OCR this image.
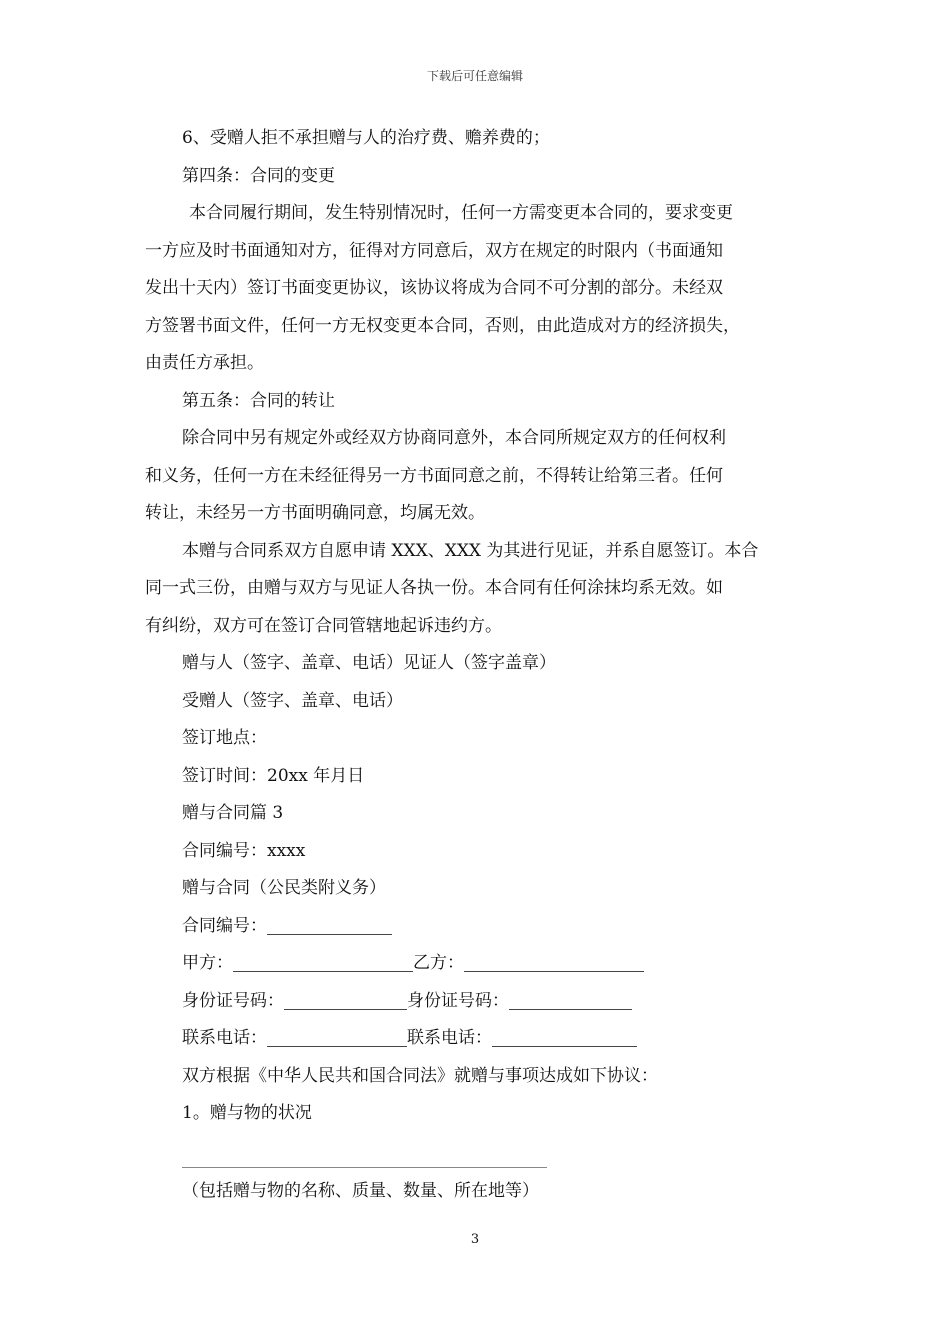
下载后可任意编辑
6、受赠人拒不承担赠与人的治疗费、赡养费的；
第四条：合同的变更
本合同履行期间，发生特别情况时，任何一方需变更本合同的，要求变更
一方应及时书面通知对方，征得对方同意后，双方在规定的时限内（书面通知
发出十天内）签订书面变更协议，该协议将成为合同不可分割的部分。未经双
方签署书面文件，任何一方无权变更本合同，否则，由此造成对方的经济损失，
由责任方承担。
第五条：合同的转让
除合同中另有规定外或经双方协商同意外，本合同所规定双方的任何权利
和义务，任何一方在未经征得另一方书面同意之前，不得转让给第三者。任何
转让，未经另一方书面明确同意，均属无效。
本赠与合同系双方自愿申请 XXX、XXX 为其进行见证，并系自愿签订。本合
同一式三份，由赠与双方与见证人各执一份。本合同有任何涂抹均系无效。如
有纠纷，双方可在签订合同管辖地起诉违约方。
赠与人（签字、盖章、电话）见证人（签字盖章）
受赠人（签字、盖章、电话）
签订地点：
签订时间：20xx 年月日
赠与合同篇 3
合同编号：xxxx
赠与合同（公民类附义务）
合同编号：
甲方：	乙方：
身份证号码：	身份证号码：
联系电话：	联系电话：
双方根据《中华人民共和国合同法》就赠与事项达成如下协议：
1。赠与物的状况
（包括赠与物的名称、质量、数量、所在地等）
3
